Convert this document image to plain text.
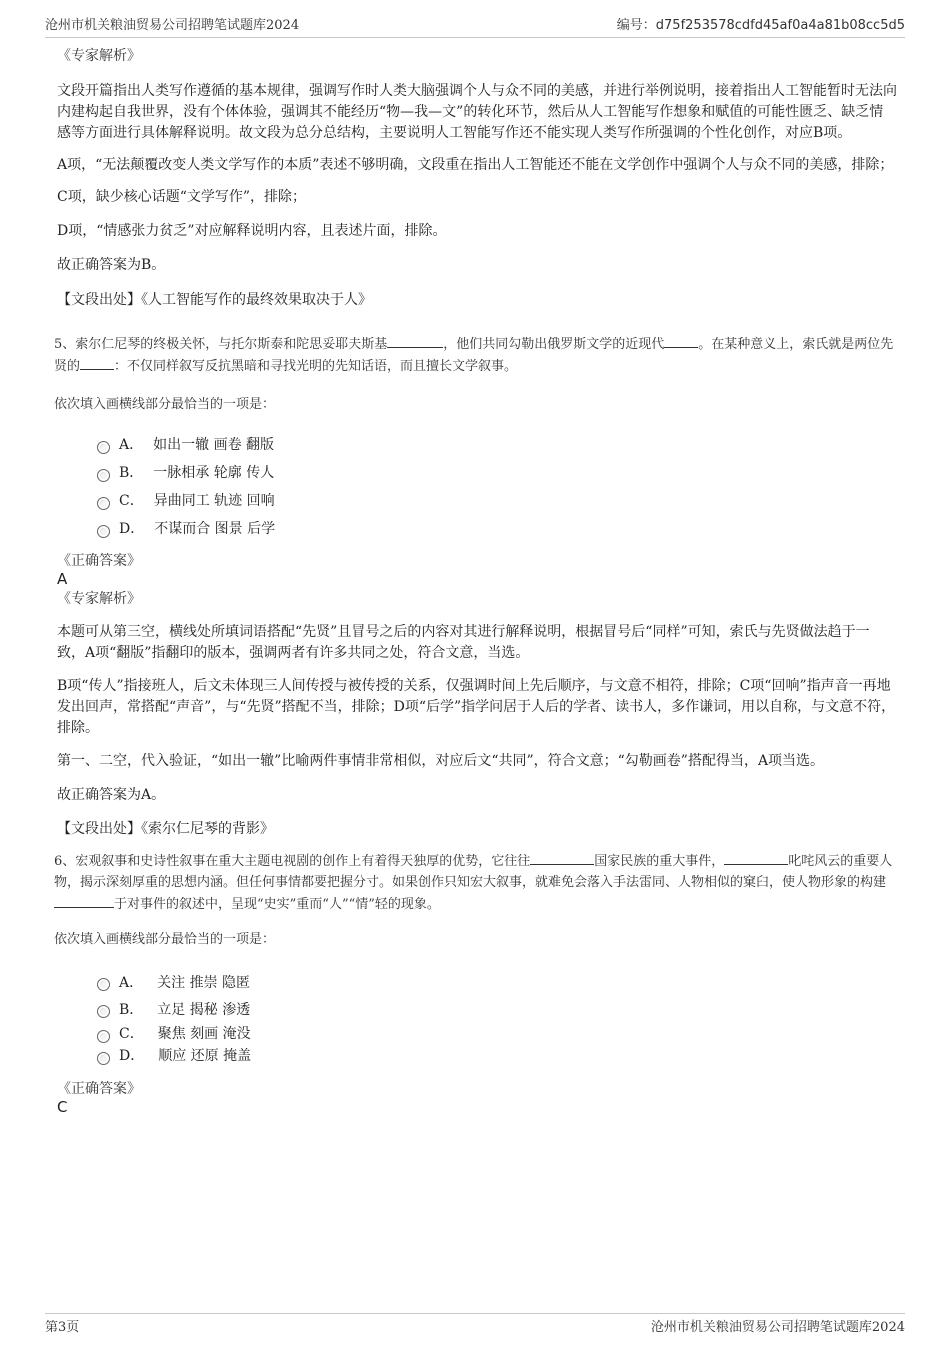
沧州市机关粮油贸易公司招聘笔试题库2024	编号：d75f253578cdfd45af0a4a81b08cc5d5

《专家解析》

文段开篇指出人类写作遵循的基本规律，强调写作时人类大脑强调个人与众不同的美感，并进行举例说明，接着指出人工智能暂时无法向内建构起自我世界，没有个体体验，强调其不能经历“物—我—文”的转化环节，然后从人工智能写作想象和赋值的可能性匮乏、缺乏情感等方面进行具体解释说明。故文段为总分总结构，主要说明人工智能写作还不能实现人类写作所强调的个性化创作，对应B项。

A项，“无法颠覆改变人类文学写作的本质”表述不够明确，文段重在指出人工智能还不能在文学创作中强调个人与众不同的美感，排除；

C项，缺少核心话题“文学写作”，排除；

D项，“情感张力贫乏”对应解释说明内容，且表述片面，排除。

故正确答案为B。

【文段出处】《人工智能写作的最终效果取决于人》

5、索尔仁尼琴的终极关怀，与托尔斯泰和陀思妥耶夫斯基	，他们共同勾勒出俄罗斯文学的近现代	。在某种意义上，索氏就是两位先贤的	：不仅同样叙写反抗黑暗和寻找光明的先知话语，而且擅长文学叙事。

依次填入画横线部分最恰当的一项是：

A． 如出一辙 画卷 翻版
B． 一脉相承 轮廓 传人
C． 异曲同工 轨迹 回响
D． 不谋而合 图景 后学

《正确答案》

A

《专家解析》

本题可从第三空，横线处所填词语搭配“先贤”且冒号之后的内容对其进行解释说明，根据冒号后“同样”可知，索氏与先贤做法趋于一致，A项“翻版”指翻印的版本，强调两者有许多共同之处，符合文意，当选。

B项“传人”指接班人，后文未体现三人间传授与被传授的关系，仅强调时间上先后顺序，与文意不相符，排除；C项“回响”指声音一再地发出回声，常搭配“声音”，与“先贤”搭配不当，排除；D项“后学”指学问居于人后的学者、读书人，多作谦词，用以自称，与文意不符，排除。

第一、二空，代入验证，“如出一辙”比喻两件事情非常相似，对应后文“共同”，符合文意；“勾勒画卷”搭配得当，A项当选。

故正确答案为A。

【文段出处】《索尔仁尼琴的背影》

6、宏观叙事和史诗性叙事在重大主题电视剧的创作上有着得天独厚的优势，它往往	国家民族的重大事件，	叱咤风云的重要人物，揭示深刻厚重的思想内涵。但任何事情都要把握分寸。如果创作只知宏大叙事，就难免会落入手法雷同、人物相似的窠臼，使人物形象的构建于对事件的叙述中，呈现“史实”重而“人”“情”轻的现象。

依次填入画横线部分最恰当的一项是：

A． 关注 推崇 隐匿
B． 立足 揭秘 渗透
C． 聚焦 刻画 淹没
D． 顺应 还原 掩盖

《正确答案》

C

第3页	沧州市机关粮油贸易公司招聘笔试题库2024
